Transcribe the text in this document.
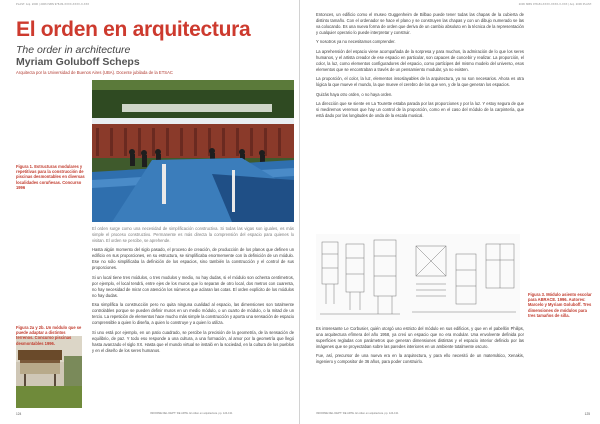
PLAST. Arq. 2006 | 2006 ISBN 978-84-XXXX-XXXX-X-XXX
El orden en arquitectura
The order in architecture
Myriam Goluboff Scheps
Arquitecta por la Universidad de Buenos Aires (UBA). Docente jubilada de la ETSAC
Figura 1. Estructuras modulares y repetitivas para la construcción de piscinas desmontables en diversas localidades coruñesas. Concurso 1996
Figura 2a y 2b. Un módulo que se puede adaptar a distintos terrenos. Concurso piscinas desmontables 1996.

El orden surge como una necesidad de simplificación constructiva. Si todas las vigas son iguales, es más simple el proceso constructivo. Permanente es más directa la comprensión del espacio para quienes lo visitan. El orden se percibe, se aprehende.

Hasta algún momento del siglo pasado, el proceso de creación, de producción de los planos que definen un edificio en sus proporciones, en su estructura, se simplificaba enormemente con la definición de un módulo. Ese no sólo simplificaba la definición de los espacios, sino también la construcción y el control de sus proporciones.

Si un local tiene tres módulos, o tres modulos y medio, no hay dudas, si el módulo son ochenta centímetros, por ejemplo, el local tendrá, entre ejes de los muros que lo separan de otro local, dos metros con cuarenta, no hay necesidad de mirar con atención los números que aclaran las cotas. El orden explícito de los módulos no hay dudas.

Esa simplifica la construcción pero no quita ninguna cualidad al espacio, las dimensiones son totalmente controlables porque se pueden definir muros en un medio módulo, o un cuarto de módulo, o la mitad de un tercio. La repetición de elementos hace mucho más simple la construcción y aporta una sensación de espacio comprensible a quien lo diseña, a quien lo construye y a quien lo utiliza.

Si uno está por ejemplo, en un patio cuadrado, se percibe la precisión de la geometría, de la sensación de equilibrio, de paz. Y todo eso responde a una cultura, a una formación, al amor por la geometría que llegó hasta avanzado el siglo XX. Hasta que el mundo virtual se instaló en la sociedad, en la cultura de los pueblos y en el diseño de los seres humanos.

124	INFORME DEL DEPTº DE ARTE. El orden en arquitectura. pp. 124-131
2006 ISBN 978-84-XXXX-XXXX-X-XXX | Arq. 2006 PLAST.

Entonces, un edificio como el museo Guggenheim de Bilbao puede tener todas las chapas de la cubierta de distinto tamaño. Con el ordenador se hace el plano y se construyen las chapas y con un dibujo numerado se las va colocando. Es una nueva forma de orden que deriva de un cambio absoluto en la técnica de la representación y cualquier operario lo puede interpretar y construir.

Y nosotros ya no necesitamos comprender.

La aprehensión del espacio viene acompañada de la sorpresa y para muchos, la admiración de lo que los seres humanos, y el artista creador de ese espacio en particular, son capaces de concebir y realizar. La proporción, el color, la luz, como elementos configuradores del espacio, como partícipes del mismo modelo del universo, esos elementos que se encontraban a través de un pensamiento modular, ya no existen.

La proporción, el color, la luz, elementos insoslayables de la arquitectura, ya no son necesarios. Ahora es otra lógica la que mueve el mundo, la que mueve el cerebro de los que ven, y de la que generan los espacios.

Quizás haya otro orden, o no haya orden.

La dirección que se siente en La Tourette estaba parada por las proporciones y por la luz. Y estoy segura de que si mediremos veremos que hay un control de la proporción, como en el caso del módulo de la carpintería, que está dado por las longitudes de onda de la escala musical.

Figura 3. Módulo asiento escolar para ABRACE. 1996. Autores: Marcelo y Myriam Goluboff. Tres dimensiones de módulos para tres tamaños de silla.

Es interesante Le Corbusier, quién otorgó uso estricto del módulo en sus edificios, y que en el pabellón Philips, una arquitectura efímera del año 1958, ya creó un espacio que no era modular. Una envolvente definida por superficies regladas con parámetros que generan dimensiones distintas y el espacio interior definido por las imágenes que se proyectaban sobre las paredes interiores en un ambiente totalmente oscuro.

Fue, así, precursor de una nueva era en la arquitectura, y para ello necesitó de un matemático, Xenakis, ingeniero y compositor de 36 años, para poder construirlo.

INFORME DEL DEPTº DE ARTE. El orden en arquitectura. pp. 124-131	125
